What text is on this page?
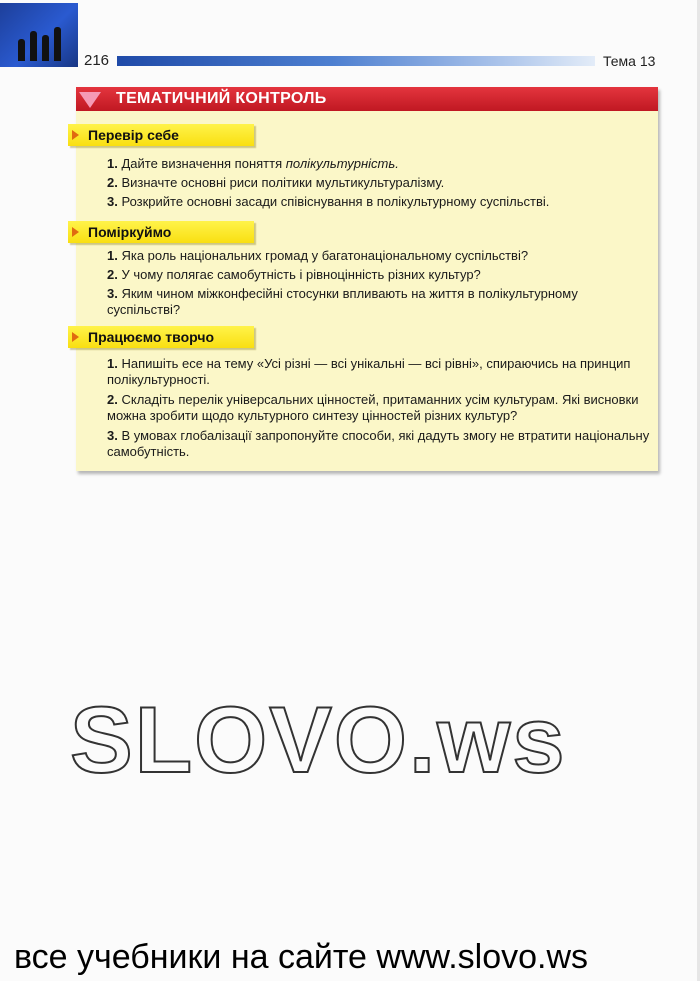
216	Тема 13
ТЕМАТИЧНИЙ КОНТРОЛЬ
Перевір себе
1. Дайте визначення поняття полікультурність.
2. Визначте основні риси політики мультикультуралізму.
3. Розкрийте основні засади співіснування в полікультурному суспільстві.
Поміркуймо
1. Яка роль національних громад у багатонаціональному суспільстві?
2. У чому полягає самобутність і рівноцінність різних культур?
3. Яким чином міжконфесійні стосунки впливають на життя в полікультурному суспільстві?
Працюємо творчо
1. Напишіть есе на тему «Усі різні — всі унікальні — всі рівні», спираючись на принцип полікультурності.
2. Складіть перелік універсальних цінностей, притаманних усім культурам. Які висновки можна зробити щодо культурного синтезу цінностей різних культур?
3. В умовах глобалізації запропонуйте способи, які дадуть змогу не втратити національну самобутність.
SLOVO.ws
все учебники на сайте www.slovo.ws
